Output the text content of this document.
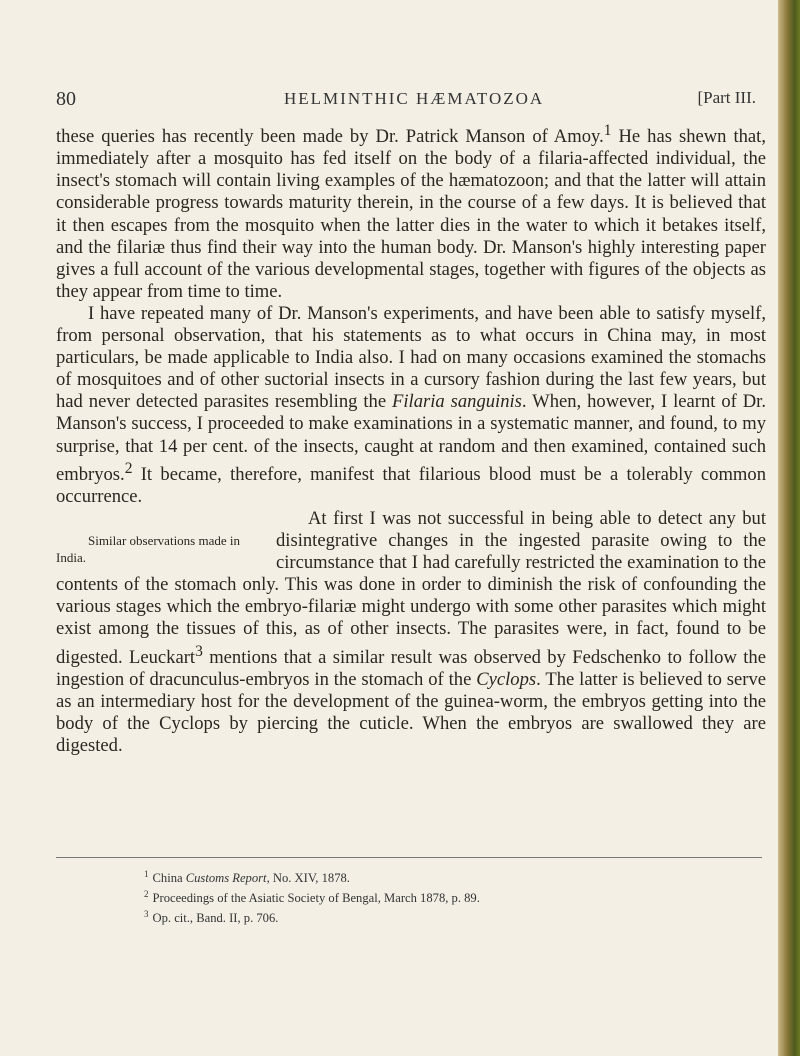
80	HELMINTHIC HÆMATOZOA	[Part III.

these queries has recently been made by Dr. Patrick Manson of Amoy.$^1$ He has shewn that, immediately after a mosquito has fed itself on the body of a filaria-affected individual, the insect's stomach will contain living examples of the hæmatozoon; and that the latter will attain considerable progress towards maturity therein, in the course of a few days. It is believed that it then escapes from the mosquito when the latter dies in the water to which it betakes itself, and the filariæ thus find their way into the human body. Dr. Manson's highly interesting paper gives a full account of the various developmental stages, together with figures of the objects as they appear from time to time.

I have repeated many of Dr. Manson's experiments, and have been able to satisfy myself, from personal observation, that his statements as to what occurs in China may, in most particulars, be made applicable to India also. I had on many occasions examined the stomachs of mosquitoes and of other suctorial insects in a cursory fashion during the last few years, but had never detected parasites resembling the Filaria sanguinis. When, however, I learnt of Dr. Manson's success, I proceeded to make examinations in a systematic manner, and found, to my surprise, that 14 per cent. of the insects, caught at random and then examined, contained such embryos.$^2$ It became, therefore, manifest that filarious blood must be a tolerably common occurrence.

Similar observations made in India.
At first I was not successful in being able to detect any but disintegrative changes in the ingested parasite owing to the circumstance that I had carefully restricted the examination to the contents of the stomach only. This was done in order to diminish the risk of confounding the various stages which the embryo-filariæ might undergo with some other parasites which might exist among the tissues of this, as of other insects. The parasites were, in fact, found to be digested. Leuckart$^3$ mentions that a similar result was observed by Fedschenko to follow the ingestion of dracunculus-embryos in the stomach of the Cyclops. The latter is believed to serve as an intermediary host for the development of the guinea-worm, the embryos getting into the body of the Cyclops by piercing the cuticle. When the embryos are swallowed they are digested.

$^1$ China Customs Report, No. XIV, 1878.
$^2$ Proceedings of the Asiatic Society of Bengal, March 1878, p. 89.
$^3$ Op. cit., Band. II, p. 706.
